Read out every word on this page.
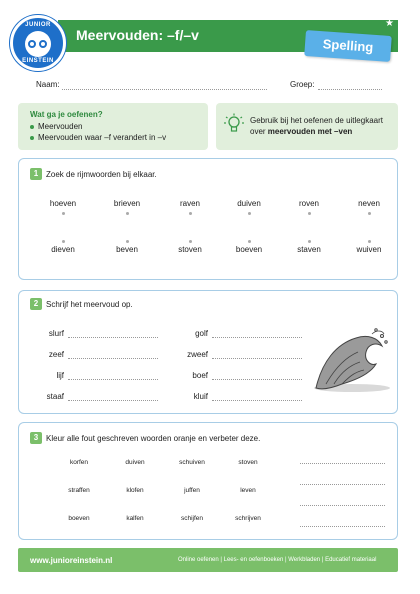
JUNIOR
EINSTEIN
Meervouden: –f/–v
★
Spelling
Naam:	Groep:
Wat ga je oefenen?
Meervouden
Meervouden waar –f verandert in –v
Gebruik bij het oefenen de uitlegkaart over meervouden met –ven
1 Zoek de rijmwoorden bij elkaar.
hoeven	brieven	raven	duiven	roven	neven
dieven	beven	stoven	boeven	staven	wuiven
2 Schrijf het meervoud op.
slurf
zeef
lijf
staaf
golf
zweef
boef
kluif
3 Kleur alle fout geschreven woorden oranje en verbeter deze.
korfen	duiven	schuiven	stoven
straffen	klofen	juffen	leven
boeven	kalfen	schijfen	schrijven
www.junioreinstein.nl	Online oefenen | Lees- en oefenboeken | Werkbladen | Educatief materiaal
